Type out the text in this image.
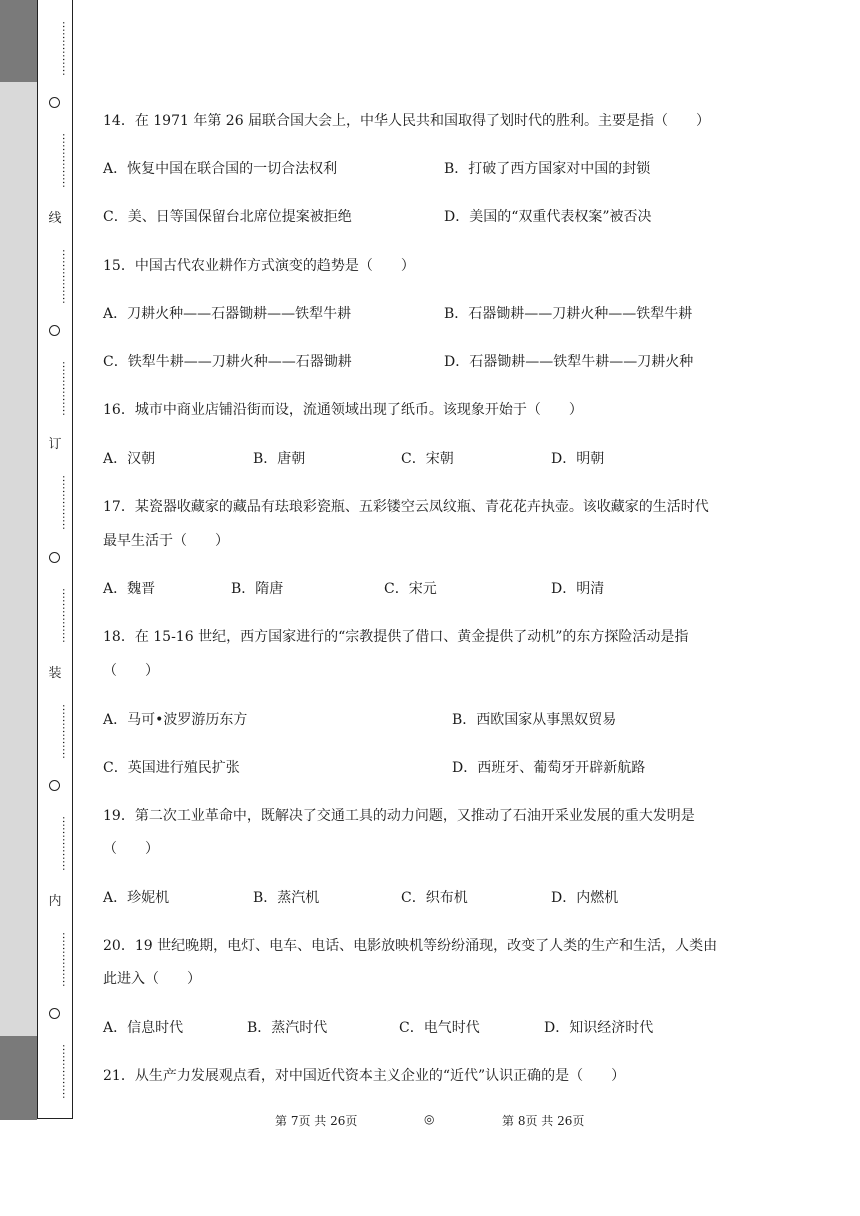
……………
……………
线
……………
……………
订
……………
……………
装
……………
……………
内
……………
……………
14．在 1971 年第 26 届联合国大会上，中华人民共和国取得了划时代的胜利。主要是指（　　）
A．恢复中国在联合国的一切合法权利	B．打破了西方国家对中国的封锁
C．美、日等国保留台北席位提案被拒绝	D．美国的“双重代表权案”被否决
15．中国古代农业耕作方式演变的趋势是（　　）
A．刀耕火种——石器锄耕——铁犁牛耕	B．石器锄耕——刀耕火种——铁犁牛耕
C．铁犁牛耕——刀耕火种——石器锄耕	D．石器锄耕——铁犁牛耕——刀耕火种
16．城市中商业店铺沿街而设，流通领域出现了纸币。该现象开始于（　　）
A．汉朝	B．唐朝	C．宋朝	D．明朝
17．某瓷器收藏家的藏品有珐琅彩瓷瓶、五彩镂空云凤纹瓶、青花花卉执壶。该收藏家的生活时代
最早生活于（　　）
A．魏晋	B．隋唐	C．宋元	D．明清
18．在 15-16 世纪，西方国家进行的“宗教提供了借口、黄金提供了动机”的东方探险活动是指
（　　）
A．马可•波罗游历东方	B．西欧国家从事黑奴贸易
C．英国进行殖民扩张	D．西班牙、葡萄牙开辟新航路
19．第二次工业革命中，既解决了交通工具的动力问题，又推动了石油开采业发展的重大发明是
（　　）
A．珍妮机	B．蒸汽机	C．织布机	D．内燃机
20．19 世纪晚期，电灯、电车、电话、电影放映机等纷纷涌现，改变了人类的生产和生活，人类由
此进入（　　）
A．信息时代	B．蒸汽时代	C．电气时代	D．知识经济时代
21．从生产力发展观点看，对中国近代资本主义企业的“近代”认识正确的是（　　）
第 7页 共 26页	◎	第 8页 共 26页
